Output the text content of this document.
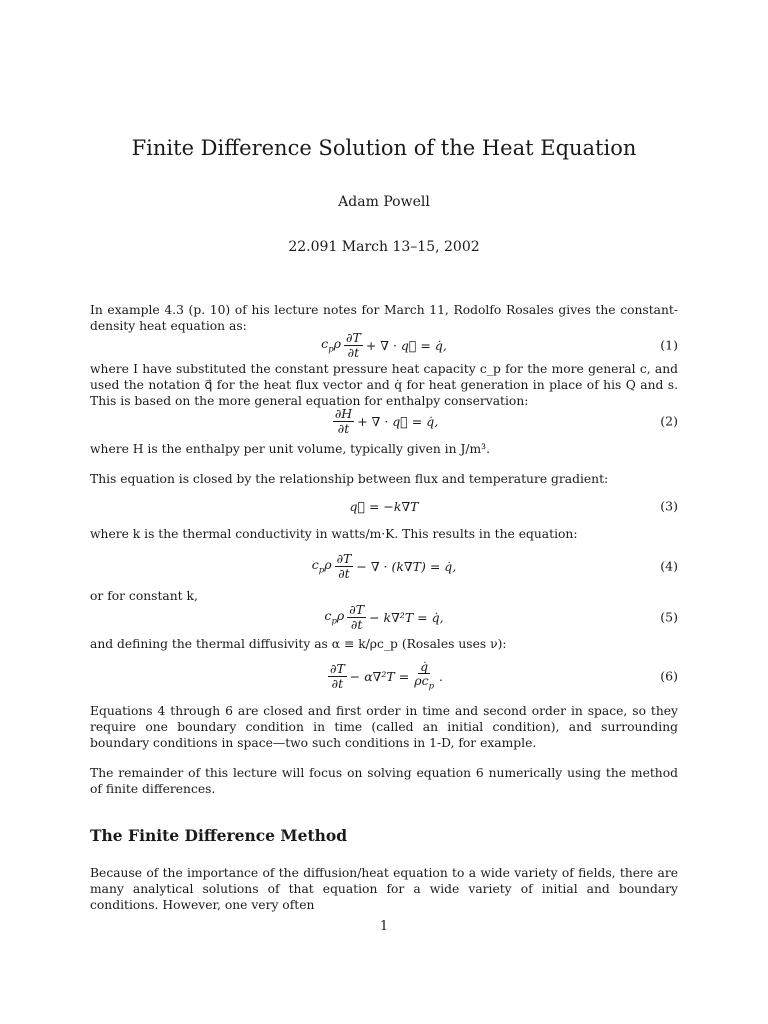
Finite Difference Solution of the Heat Equation
Adam Powell
22.091 March 13–15, 2002

In example 4.3 (p. 10) of his lecture notes for March 11, Rodolfo Rosales gives the constant-density heat equation as:

$c_p\rho \frac{\partial T}{\partial t}$ + ∇ · q⃗ = q̇,	(1)

where I have substituted the constant pressure heat capacity c_p for the more general c, and used the notation q⃗ for the heat flux vector and q̇ for heat generation in place of his Q and s. This is based on the more general equation for enthalpy conservation:

$\frac{\partial H}{\partial t}$ + ∇ · q⃗ = q̇,	(2)

where H is the enthalpy per unit volume, typically given in J/m³.

This equation is closed by the relationship between flux and temperature gradient:

q⃗ = −k∇T	(3)

where k is the thermal conductivity in watts/m·K. This results in the equation:

$c_p\rho \frac{\partial T}{\partial t}$ − ∇ · (k∇T) = q̇,	(4)

or for constant k,

$c_p\rho \frac{\partial T}{\partial t} - k\nabla^2T$ = q̇,	(5)

and defining the thermal diffusivity as α ≡ k/ρc_p (Rosales uses ν):

$\frac{\partial T}{\partial t} - \alpha\nabla^2T = \frac{q̇}{\rho c_p}$ .	(6)

Equations 4 through 6 are closed and first order in time and second order in space, so they require one boundary condition in time (called an initial condition), and surrounding boundary conditions in space—two such conditions in 1-D, for example.

The remainder of this lecture will focus on solving equation 6 numerically using the method of finite differences.

The Finite Difference Method

Because of the importance of the diffusion/heat equation to a wide variety of fields, there are many analytical solutions of that equation for a wide variety of initial and boundary conditions. However, one very often

1
